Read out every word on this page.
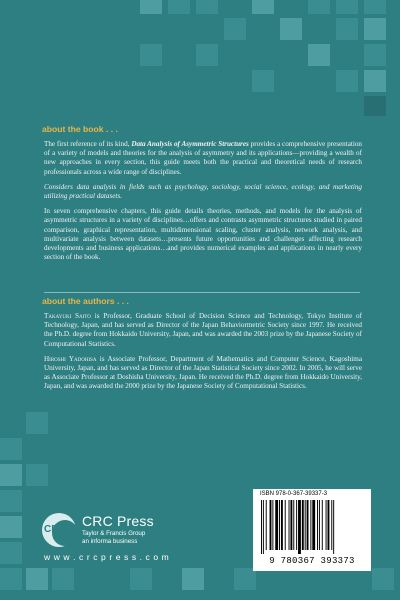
about the book . . .

The first reference of its kind, Data Analysis of Asymmetric Structures provides a comprehensive presentation of a variety of models and theories for the analysis of asymmetry and its applications—providing a wealth of new approaches in every section, this guide meets both the practical and theoretical needs of research professionals across a wide range of disciplines.

Considers data analysis in fields such as psychology, sociology, social science, ecology, and marketing utilizing practical datasets.

In seven comprehensive chapters, this guide details theories, methods, and models for the analysis of asymmetric structures in a variety of disciplines…offers and contrasts asymmetric structures studied in paired comparison, graphical representation, multidimensional scaling, cluster analysis, network analysis, and multivariate analysis between datasets…presents future opportunities and challenges affecting research developments and business applications…and provides numerical examples and applications in nearly every section of the book.

about the authors . . .

Takayuki Saito is Professor, Graduate School of Decision Science and Technology, Tokyo Institute of Technology, Japan, and has served as Director of the Japan Behaviormetric Society since 1997. He received the Ph.D. degree from Hokkaido University, Japan, and was awarded the 2003 prize by the Japanese Society of Computational Statistics.

Hiroshi Yadohisa is Associate Professor, Department of Mathematics and Computer Science, Kagoshima University, Japan, and has served as Director of the Japan Statistical Society since 2002. In 2005, he will serve as Associate Professor at Doshisha University, Japan. He received the Ph.D. degree from Hokkaido University, Japan, and was awarded the 2000 prize by the Japanese Society of Computational Statistics.

CRC
CRC Press
Taylor & Francis Group
an informa business
w w w . c r c p r e s s . c o m
ISBN 978-0-367-39337-3
9 780367 393373
